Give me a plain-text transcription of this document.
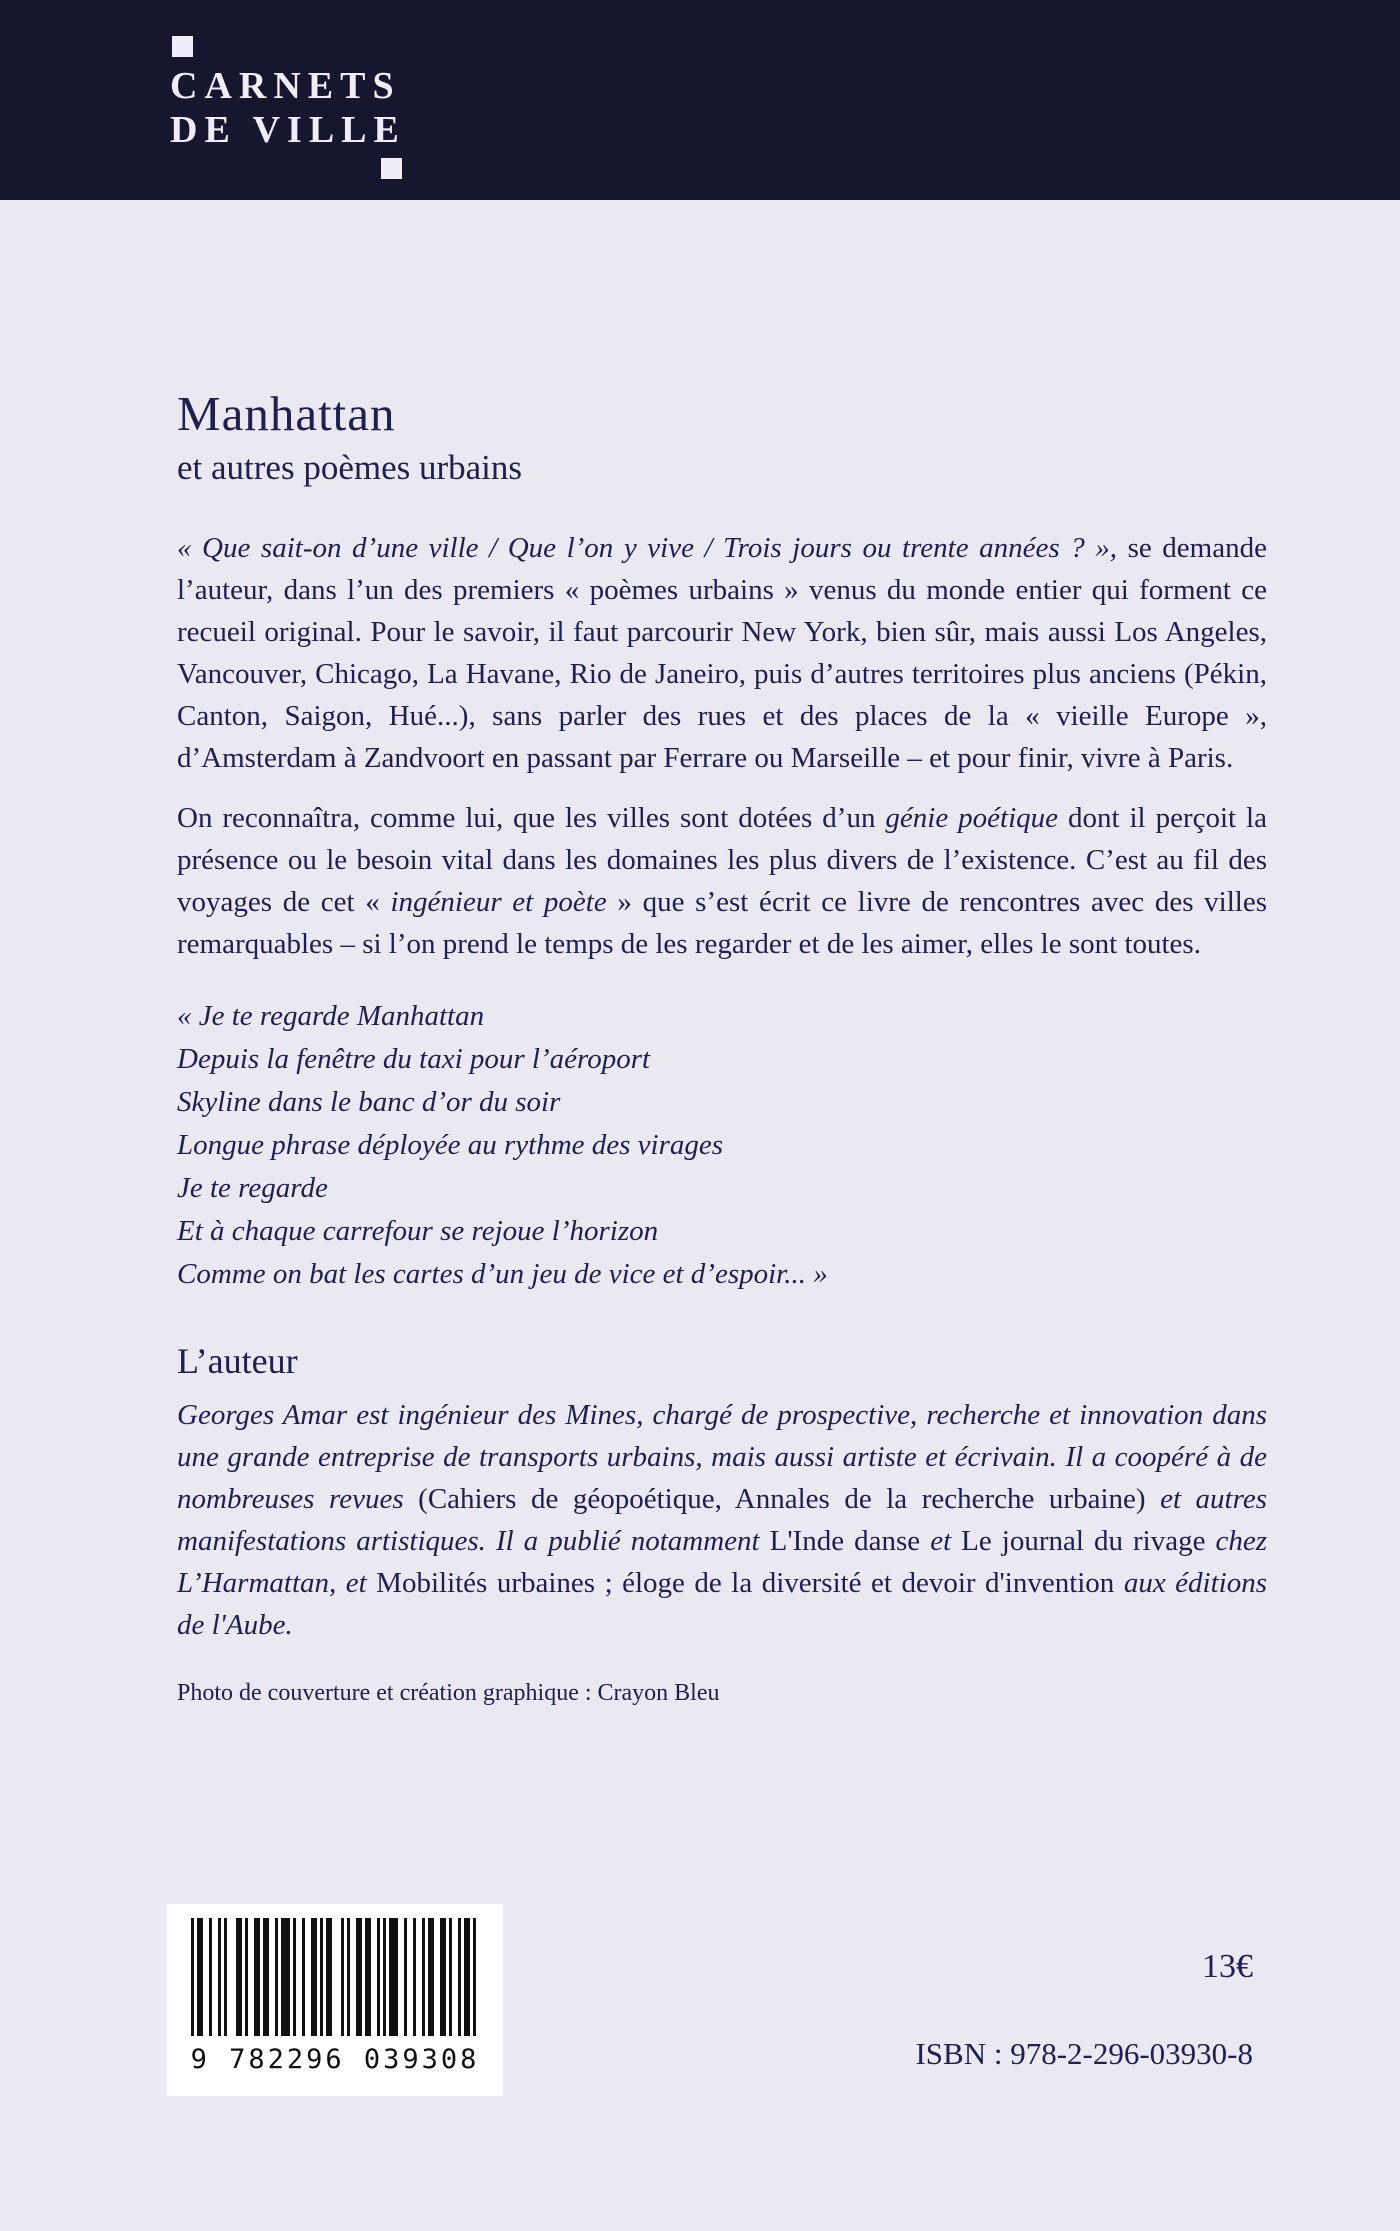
CARNETS
DE VILLE
Manhattan
et autres poèmes urbains

« Que sait-on d’une ville / Que l’on y vive / Trois jours ou trente années ? », se demande l’auteur, dans l’un des premiers « poèmes urbains » venus du monde entier qui forment ce recueil original. Pour le savoir, il faut parcourir New York, bien sûr, mais aussi Los Angeles, Vancouver, Chicago, La Havane, Rio de Janeiro, puis d’autres territoires plus anciens (Pékin, Canton, Saigon, Hué...), sans parler des rues et des places de la « vieille Europe », d’Amsterdam à Zandvoort en passant par Ferrare ou Marseille – et pour finir, vivre à Paris.

On reconnaîtra, comme lui, que les villes sont dotées d’un génie poétique dont il perçoit la présence ou le besoin vital dans les domaines les plus divers de l’existence. C’est au fil des voyages de cet « ingénieur et poète » que s’est écrit ce livre de rencontres avec des villes remarquables – si l’on prend le temps de les regarder et de les aimer, elles le sont toutes.

« Je te regarde Manhattan
Depuis la fenêtre du taxi pour l’aéroport
Skyline dans le banc d’or du soir
Longue phrase déployée au rythme des virages
Je te regarde
Et à chaque carrefour se rejoue l’horizon
Comme on bat les cartes d’un jeu de vice et d’espoir... »
L’auteur

Georges Amar est ingénieur des Mines, chargé de prospective, recherche et innovation dans une grande entreprise de transports urbains, mais aussi artiste et écrivain. Il a coopéré à de nombreuses revues (Cahiers de géopoétique, Annales de la recherche urbaine) et autres manifestations artistiques. Il a publié notamment L'Inde danse et Le journal du rivage chez L’Harmattan, et Mobilités urbaines ; éloge de la diversité et devoir d'invention aux éditions de l'Aube.

Photo de couverture et création graphique : Crayon Bleu
9 782296 039308
13€
ISBN : 978-2-296-03930-8
